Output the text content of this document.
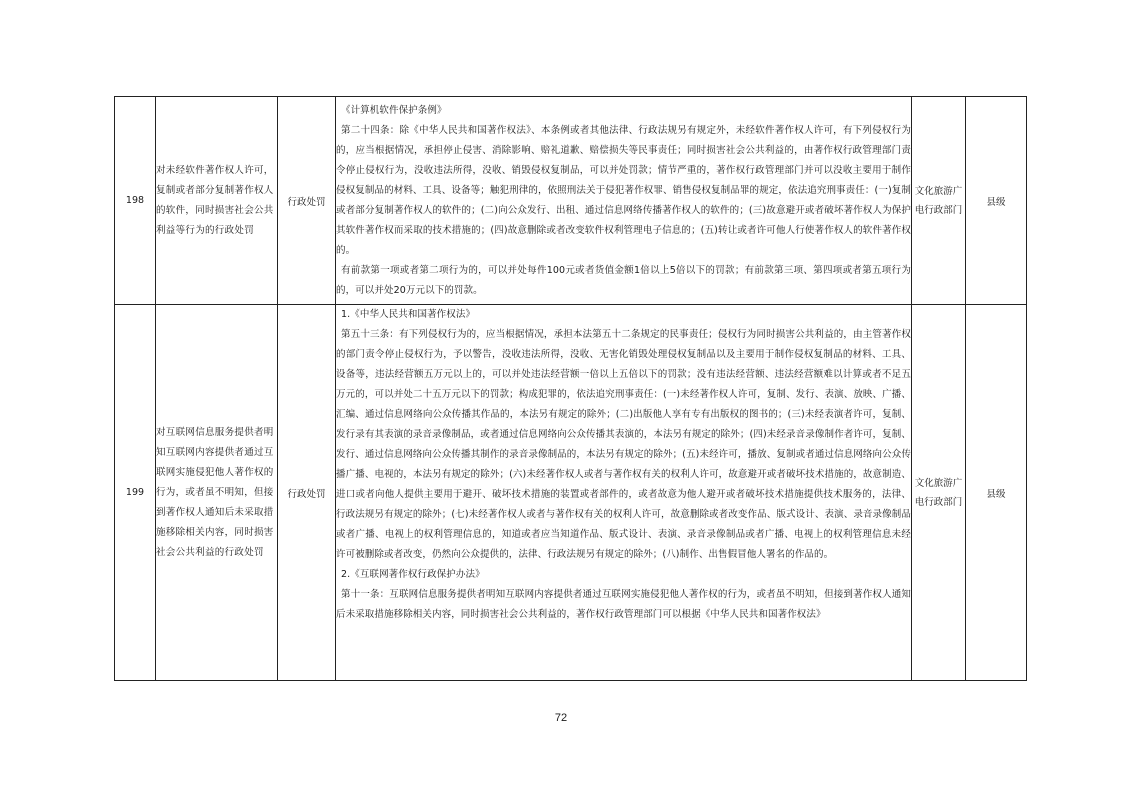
198	对未经软件著作权人许可，复制或者部分复制著作权人的软件，同时损害社会公共利益等行为的行政处罚	行政处罚	《计算机软件保护条例》

第二十四条：除《中华人民共和国著作权法》、本条例或者其他法律、行政法规另有规定外，未经软件著作权人许可，有下列侵权行为的，应当根据情况，承担停止侵害、消除影响、赔礼道歉、赔偿损失等民事责任；同时损害社会公共利益的，由著作权行政管理部门责令停止侵权行为，没收违法所得，没收、销毁侵权复制品，可以并处罚款；情节严重的，著作权行政管理部门并可以没收主要用于制作侵权复制品的材料、工具、设备等；触犯刑律的，依照刑法关于侵犯著作权罪、销售侵权复制品罪的规定，依法追究刑事责任：(一)复制或者部分复制著作权人的软件的；(二)向公众发行、出租、通过信息网络传播著作权人的软件的；(三)故意避开或者破坏著作权人为保护其软件著作权而采取的技术措施的；(四)故意删除或者改变软件权利管理电子信息的；(五)转让或者许可他人行使著作权人的软件著作权的。

有前款第一项或者第二项行为的，可以并处每件100元或者货值金额1倍以上5倍以下的罚款；有前款第三项、第四项或者第五项行为的，可以并处20万元以下的罚款。	文化旅游广电行政部门	县级
199	对互联网信息服务提供者明知互联网内容提供者通过互联网实施侵犯他人著作权的行为，或者虽不明知，但接到著作权人通知后未采取措施移除相关内容，同时损害社会公共利益的行政处罚	行政处罚	1.《中华人民共和国著作权法》

第五十三条：有下列侵权行为的，应当根据情况，承担本法第五十二条规定的民事责任；侵权行为同时损害公共利益的，由主管著作权的部门责令停止侵权行为，予以警告，没收违法所得，没收、无害化销毁处理侵权复制品以及主要用于制作侵权复制品的材料、工具、设备等，违法经营额五万元以上的，可以并处违法经营额一倍以上五倍以下的罚款；没有违法经营额、违法经营额难以计算或者不足五万元的，可以并处二十五万元以下的罚款；构成犯罪的，依法追究刑事责任：(一)未经著作权人许可，复制、发行、表演、放映、广播、汇编、通过信息网络向公众传播其作品的，本法另有规定的除外；(二)出版他人享有专有出版权的图书的；(三)未经表演者许可，复制、发行录有其表演的录音录像制品，或者通过信息网络向公众传播其表演的，本法另有规定的除外；(四)未经录音录像制作者许可，复制、发行、通过信息网络向公众传播其制作的录音录像制品的，本法另有规定的除外；(五)未经许可，播放、复制或者通过信息网络向公众传播广播、电视的，本法另有规定的除外；(六)未经著作权人或者与著作权有关的权利人许可，故意避开或者破坏技术措施的，故意制造、进口或者向他人提供主要用于避开、破坏技术措施的装置或者部件的，或者故意为他人避开或者破坏技术措施提供技术服务的，法律、行政法规另有规定的除外；(七)未经著作权人或者与著作权有关的权利人许可，故意删除或者改变作品、版式设计、表演、录音录像制品或者广播、电视上的权利管理信息的，知道或者应当知道作品、版式设计、表演、录音录像制品或者广播、电视上的权利管理信息未经许可被删除或者改变，仍然向公众提供的，法律、行政法规另有规定的除外；(八)制作、出售假冒他人署名的作品的。

2.《互联网著作权行政保护办法》

第十一条：互联网信息服务提供者明知互联网内容提供者通过互联网实施侵犯他人著作权的行为，或者虽不明知，但接到著作权人通知后未采取措施移除相关内容，同时损害社会公共利益的，著作权行政管理部门可以根据《中华人民共和国著作权法》	文化旅游广电行政部门	县级
72
